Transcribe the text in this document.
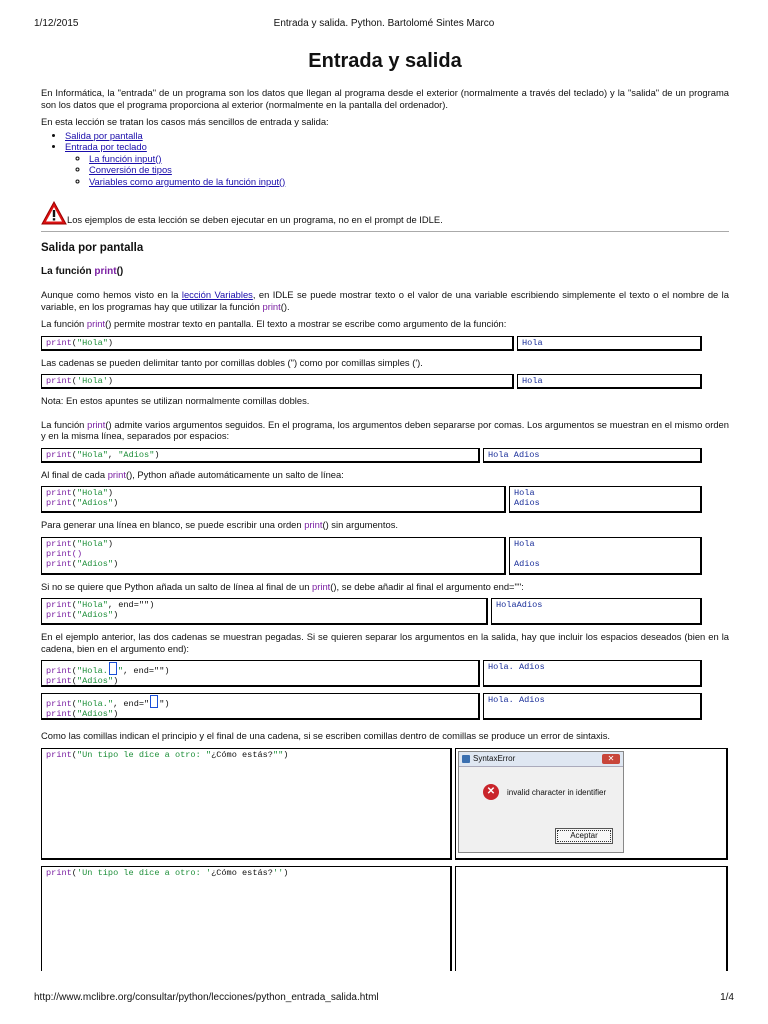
1/12/2015	Entrada y salida. Python. Bartolomé Sintes Marco
Entrada y salida

En Informática, la "entrada" de un programa son los datos que llegan al programa desde el exterior (normalmente a través del teclado) y la "salida" de un programa son los datos que el programa proporciona al exterior (normalmente en la pantalla del ordenador).

En esta lección se tratan los casos más sencillos de entrada y salida:

• Salida por pantalla
• Entrada por teclado
◦ La función input()
◦ Conversión de tipos
◦ Variables como argumento de la función input()
Los ejemplos de esta lección se deben ejecutar en un programa, no en el prompt de IDLE.
Salida por pantalla
La función print()

Aunque como hemos visto en la lección Variables, en IDLE se puede mostrar texto o el valor de una variable escribiendo simplemente el texto o el nombre de la variable, en los programas hay que utilizar la función print().

La función print() permite mostrar texto en pantalla. El texto a mostrar se escribe como argumento de la función:

print("Hola")	Hola

Las cadenas se pueden delimitar tanto por comillas dobles (") como por comillas simples (').

print('Hola')	Hola

Nota: En estos apuntes se utilizan normalmente comillas dobles.

La función print() admite varios argumentos seguidos. En el programa, los argumentos deben separarse por comas. Los argumentos se muestran en el mismo orden y en la misma línea, separados por espacios:

print("Hola", "Adios")	Hola Adios

Al final de cada print(), Python añade automáticamente un salto de línea:

print("Hola")
print("Adios")
Hola
Adios

Para generar una línea en blanco, se puede escribir una orden print() sin argumentos.

print("Hola")
print()
print("Adios")
Hola

Adios

Si no se quiere que Python añada un salto de línea al final de un print(), se debe añadir al final el argumento end="":

print("Hola", end="")
print("Adios")
HolaAdios

En el ejemplo anterior, las dos cadenas se muestran pegadas. Si se quieren separar los argumentos en la salida, hay que incluir los espacios deseados (bien en la cadena, bien en el argumento end):

print("Hola. ", end="")
print("Adios")
Hola. Adios
print("Hola.", end=" ")
print("Adios")
Hola. Adios

Como las comillas indican el principio y el final de una cadena, si se escriben comillas dentro de comillas se produce un error de sintaxis.

print("Un tipo le dice a otro: "¿Cómo estás?"")	SyntaxError	✕
✕	invalid character in identifier
Aceptar
print('Un tipo le dice a otro: '¿Cómo estás?'')
http://www.mclibre.org/consultar/python/lecciones/python_entrada_salida.html	1/4
